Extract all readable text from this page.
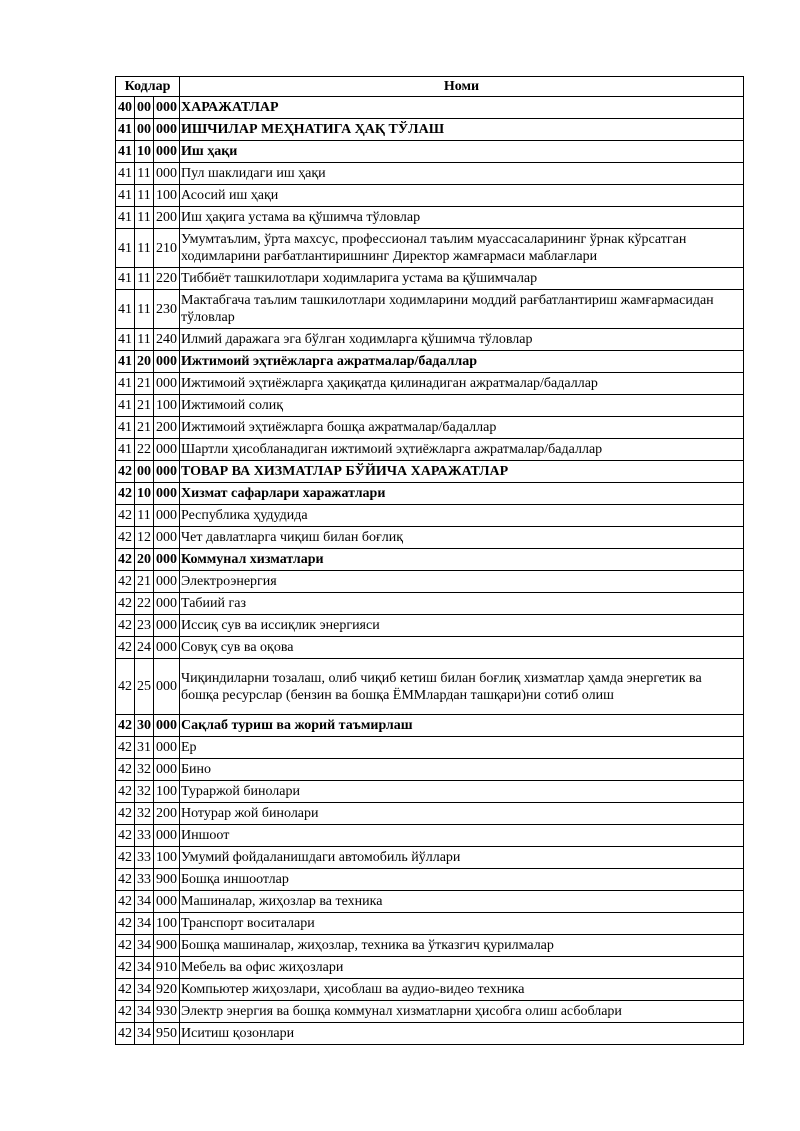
Кодлар			Номи
40	00	000	ХАРАЖАТЛАР
41	00	000	ИШЧИЛАР МЕҲНАТИГА ҲАҚ ТЎЛАШ
41	10	000	Иш ҳақи
41	11	000	Пул шаклидаги иш ҳақи
41	11	100	Асосий иш ҳақи
41	11	200	Иш ҳақига устама ва қўшимча тўловлар
41	11	210	Умумтаълим, ўрта махсус, профессионал таълим муассасаларининг ўрнак кўрсатган ходимларини рағбатлантиришнинг Директор жамғармаси маблағлари
41	11	220	Тиббиёт ташкилотлари ходимларига устама ва қўшимчалар
41	11	230	Мактабгача таълим ташкилотлари ходимларини моддий рағбатлантириш жамғармасидан тўловлар
41	11	240	Илмий даражага эга бўлган ходимларга қўшимча тўловлар
41	20	000	Ижтимоий эҳтиёжларга ажратмалар/бадаллар
41	21	000	Ижтимоий эҳтиёжларга ҳақиқатда қилинадиган ажратмалар/бадаллар
41	21	100	Ижтимоий солиқ
41	21	200	Ижтимоий эҳтиёжларга бошқа ажратмалар/бадаллар
41	22	000	Шартли ҳисобланадиган ижтимоий эҳтиёжларга ажратмалар/бадаллар
42	00	000	ТОВАР ВА ХИЗМАТЛАР БЎЙИЧА ХАРАЖАТЛАР
42	10	000	Хизмат сафарлари харажатлари
42	11	000	Республика ҳудудида
42	12	000	Чет давлатларга чиқиш билан боғлиқ
42	20	000	Коммунал хизматлари
42	21	000	Электроэнергия
42	22	000	Табиий газ
42	23	000	Иссиқ сув ва иссиқлик энергияси
42	24	000	Совуқ сув ва оқова
42	25	000	Чиқиндиларни тозалаш, олиб чиқиб кетиш билан боғлиқ хизматлар ҳамда энергетик ва бошқа ресурслар (бензин ва бошқа ЁММлардан ташқари)ни сотиб олиш
42	30	000	Сақлаб туриш ва жорий таъмирлаш
42	31	000	Ер
42	32	000	Бино
42	32	100	Тураржой бинолари
42	32	200	Нотурар жой бинолари
42	33	000	Иншоот
42	33	100	Умумий фойдаланишдаги автомобиль йўллари
42	33	900	Бошқа иншоотлар
42	34	000	Машиналар, жиҳозлар ва техника
42	34	100	Транспорт воситалари
42	34	900	Бошқа машиналар, жиҳозлар, техника ва ўтказгич қурилмалар
42	34	910	Мебель ва офис жиҳозлари
42	34	920	Компьютер жиҳозлари, ҳисоблаш ва аудио-видео техника
42	34	930	Электр энергия ва бошқа коммунал хизматларни ҳисобга олиш асбоблари
42	34	950	Иситиш қозонлари
